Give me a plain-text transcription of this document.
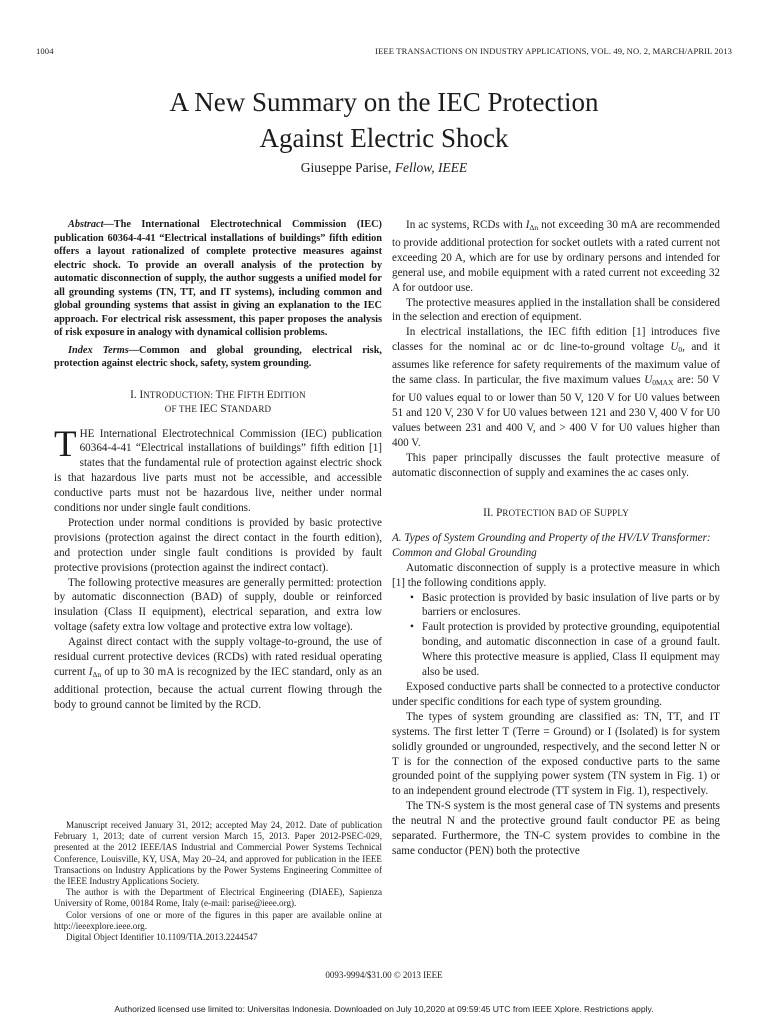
1004	IEEE TRANSACTIONS ON INDUSTRY APPLICATIONS, VOL. 49, NO. 2, MARCH/APRIL 2013
A New Summary on the IEC Protection
Against Electric Shock
Giuseppe Parise, Fellow, IEEE

Abstract—The International Electrotechnical Commission (IEC) publication 60364-4-41 “Electrical installations of buildings” fifth edition offers a layout rationalized of complete protective measures against electric shock. To provide an overall analysis of the protection by automatic disconnection of supply, the author suggests a unified model for all grounding systems (TN, TT, and IT systems), including common and global grounding systems that assist in giving an explanation to the IEC approach. For electrical risk assessment, this paper proposes the analysis of risk exposure in analogy with dynamical collision problems.

Index Terms—Common and global grounding, electrical risk, protection against electric shock, safety, system grounding.

I. INTRODUCTION: THE FIFTH EDITION
OF THE IEC STANDARD

THE International Electrotechnical Commission (IEC) publication 60364-4-41 “Electrical installations of buildings” fifth edition [1] states that the fundamental rule of protection against electric shock is that hazardous live parts must not be accessible, and accessible conductive parts must not be hazardous live, neither under normal conditions nor under single fault conditions.

Protection under normal conditions is provided by basic protective provisions (protection against the direct contact in the fourth edition), and protection under single fault conditions is provided by fault protective provisions (protection against the indirect contact).

The following protective measures are generally permitted: protection by automatic disconnection (BAD) of supply, double or reinforced insulation (Class II equipment), electrical separation, and extra low voltage (safety extra low voltage and protective extra low voltage).

Against direct contact with the supply voltage-to-ground, the use of residual current protective devices (RCDs) with rated residual operating current $I_{\Delta n}$ of up to 30 mA is recognized by the IEC standard, only as an additional protection, because the actual current flowing through the body to ground cannot be limited by the RCD.

Manuscript received January 31, 2012; accepted May 24, 2012. Date of publication February 1, 2013; date of current version March 15, 2013. Paper 2012-PSEC-029, presented at the 2012 IEEE/IAS Industrial and Commercial Power Systems Technical Conference, Louisville, KY, USA, May 20–24, and approved for publication in the IEEE Transactions on Industry Applications by the Power Systems Engineering Committee of the IEEE Industry Applications Society.

The author is with the Department of Electrical Engineering (DIAEE), Sapienza University of Rome, 00184 Rome, Italy (e-mail: parise@ieee.org).

Color versions of one or more of the figures in this paper are available online at http://ieeexplore.ieee.org.

Digital Object Identifier 10.1109/TIA.2013.2244547

In ac systems, RCDs with $I_{\Delta n}$ not exceeding 30 mA are recommended to provide additional protection for socket outlets with a rated current not exceeding 20 A, which are for use by ordinary persons and intended for general use, and mobile equipment with a rated current not exceeding 32 A for outdoor use.

The protective measures applied in the installation shall be considered in the selection and erection of equipment.

In electrical installations, the IEC fifth edition [1] introduces five classes for the nominal ac or dc line-to-ground voltage $U_0$, and it assumes like reference for safety requirements of the maximum value of the same class. In particular, the five maximum values $U_{0MAX}$ are: 50 V for U0 values equal to or lower than 50 V, 120 V for U0 values between 51 and 120 V, 230 V for U0 values between 121 and 230 V, 400 V for U0 values between 231 and 400 V, and > 400 V for U0 values higher than 400 V.

This paper principally discusses the fault protective measure of automatic disconnection of supply and examines the ac cases only.

II. PROTECTION BAD OF SUPPLY

A. Types of System Grounding and Property of the HV/LV Transformer: Common and Global Grounding

Automatic disconnection of supply is a protective measure in which [1] the following conditions apply.

• Basic protection is provided by basic insulation of live parts or by barriers or enclosures.
• Fault protection is provided by protective grounding, equipotential bonding, and automatic disconnection in case of a ground fault. Where this protective measure is applied, Class II equipment may also be used.

Exposed conductive parts shall be connected to a protective conductor under specific conditions for each type of system grounding.

The types of system grounding are classified as: TN, TT, and IT systems. The first letter T (Terre = Ground) or I (Isolated) is for system solidly grounded or ungrounded, respectively, and the second letter N or T is for the connection of the exposed conductive parts to the same grounded point of the supplying power system (TN system in Fig. 1) or to an independent ground electrode (TT system in Fig. 1), respectively.

The TN-S system is the most general case of TN systems and presents the neutral N and the protective ground fault conductor PE as being separated. Furthermore, the TN-C system provides to combine in the same conductor (PEN) both the protective

0093-9994/$31.00 © 2013 IEEE
Authorized licensed use limited to: Universitas Indonesia. Downloaded on July 10,2020 at 09:59:45 UTC from IEEE Xplore. Restrictions apply.
